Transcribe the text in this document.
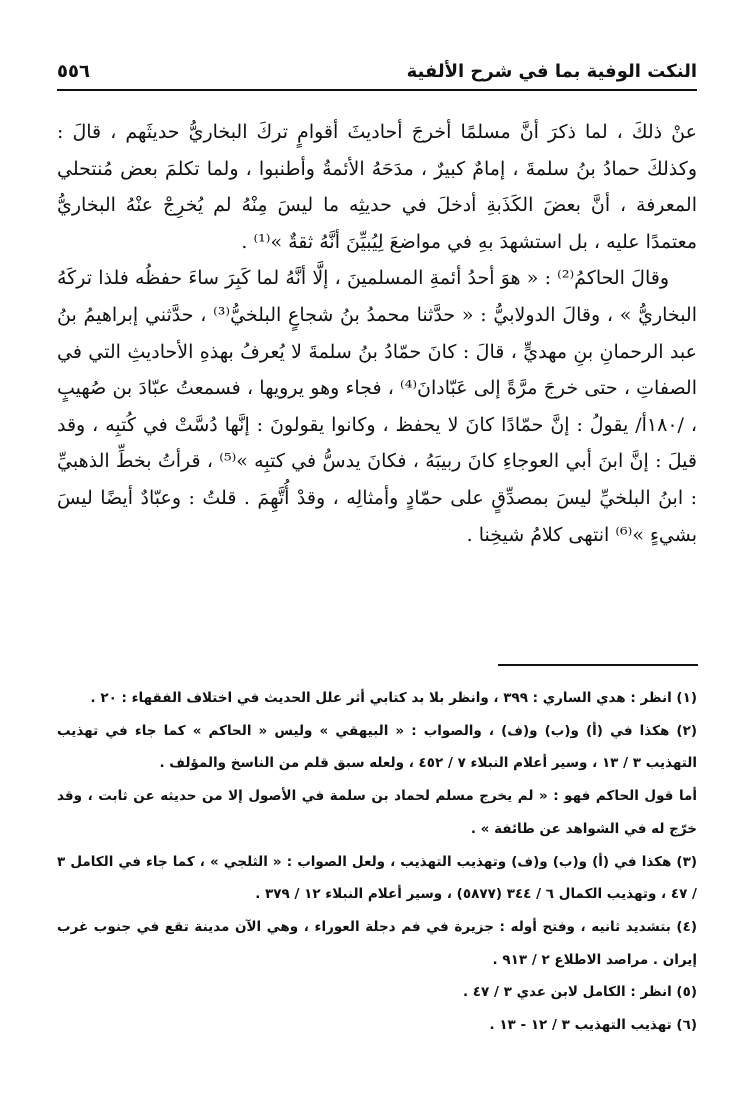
النكت الوفية بما في شرح الألفية
٥٥٦

عنْ ذلكَ ، لما ذكرَ أنَّ مسلمًا أخرجَ أحاديثَ أقوامٍ تركَ البخاريُّ حديثَهم ، قالَ : وكذلكَ حمادُ بنُ سلمةَ ، إمامٌ كبيرٌ ، مدَحَهُ الأئمةُ وأطنبوا ، ولما تكلمَ بعض مُنتحلي المعرفة ، أنَّ بعضَ الكَذَبةِ أدخلَ في حديثِه ما ليسَ مِنْهُ لم يُخرِجْ عنْهُ البخاريُّ معتمدًا عليه ، بل استشهدَ بهِ في مواضعَ لِيُبيِّنَ أنَّهُ ثقةٌ »⁽¹⁾ .

وقالَ الحاكمُ⁽²⁾ : « هوَ أحدُ أئمةِ المسلمينَ ، إلَّا أنَّهُ لما كَبِرَ ساءَ حفظُه فلذا تركَهُ البخاريُّ » ، وقالَ الدولابيُّ : « حدَّثنا محمدُ بنُ شجاعٍ البلخيُّ⁽³⁾ ، حدَّثني إبراهيمُ بنُ عبد الرحمانِ بنِ مهديٍّ ، قالَ : كانَ حمّادُ بنُ سلمةَ لا يُعرفُ بهذهِ الأحاديثِ التي في الصفاتِ ، حتى خرجَ مرَّةً إلى عَبّادانَ⁽⁴⁾ ، فجاء وهو يرويها ، فسمعتُ عبّادَ بن صُهيبٍ ، /١٨٠أ/ يقولُ : إنَّ حمّادًا كانَ لا يحفظ ، وكانوا يقولونَ : إنَّها دُسَّتْ في كُتبِه ، وقد قيلَ : إنَّ ابنَ أبي العوجاءِ كانَ ربيبَهُ ، فكانَ يدسُّ في كتبِه »⁽⁵⁾ ، قرأتُ بخطِّ الذهبيِّ : ابنُ البلخيِّ ليسَ بمصدِّقٍ على حمّادٍ وأمثالِه ، وقدْ أُتَّهِمَ . قلتُ : وعبّادٌ أيضًا ليسَ بشيءٍ »⁽⁶⁾ انتهى كلامُ شيخِنا .

(١) انظر : هدي الساري : ٣٩٩ ، وانظر بلا بد كتابي أثر علل الحديث في اختلاف الفقهاء : ٢٠ .

(٢) هكذا في (أ) و(ب) و(ف) ، والصواب : « البيهقي » وليس « الحاكم » كما جاء في تهذيب التهذيب ٣ / ١٣ ، وسير أعلام النبلاء ٧ / ٤٥٢ ، ولعله سبق قلم من الناسخ والمؤلف .

أما قول الحاكم فهو : « لم يخرج مسلم لحماد بن سلمة في الأصول إلا من حديثه عن ثابت ، وقد خرّج له في الشواهد عن طائفة » .

(٣) هكذا في (أ) و(ب) و(ف) وتهذيب التهذيب ، ولعل الصواب : « الثلجي » ، كما جاء في الكامل ٣ / ٤٧ ، وتهذيب الكمال ٦ / ٣٤٤ (٥٨٧٧) ، وسير أعلام النبلاء ١٢ / ٣٧٩ .

(٤) بتشديد ثانيه ، وفتح أوله : جزيرة في فم دجلة العوراء ، وهي الآن مدينة تقع في جنوب غرب إيران . مراصد الاطلاع ٢ / ٩١٣ .

(٥) انظر : الكامل لابن عدي ٣ / ٤٧ .

(٦) تهذيب التهذيب ٣ / ١٢ - ١٣ .
